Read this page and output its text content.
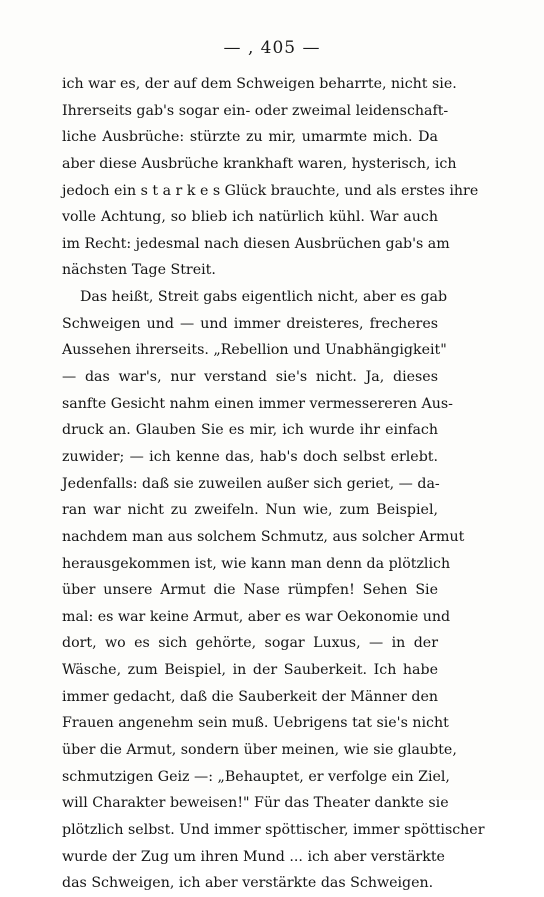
— ‚ 405 —
ich war es, der auf dem Schweigen beharrte, nicht sie.
Ihrerseits gab's sogar ein- oder zweimal leidenschaft-
liche Ausbrüche: stürzte zu mir, umarmte mich. Da
aber diese Ausbrüche krankhaft waren, hysterisch, ich
jedoch ein s t a r k e s Glück brauchte, und als erstes ihre
volle Achtung, so blieb ich natürlich kühl. War auch
im Recht: jedesmal nach diesen Ausbrüchen gab's am
nächsten Tage Streit.
Das heißt, Streit gabs eigentlich nicht, aber es gab
Schweigen und — und immer dreisteres, frecheres
Aussehen ihrerseits. „Rebellion und Unabhängigkeit"
— das war's, nur verstand sie's nicht. Ja, dieses
sanfte Gesicht nahm einen immer vermessereren Aus-
druck an. Glauben Sie es mir, ich wurde ihr einfach
zuwider; — ich kenne das, hab's doch selbst erlebt.
Jedenfalls: daß sie zuweilen außer sich geriet, — da-
ran war nicht zu zweifeln. Nun wie, zum Beispiel,
nachdem man aus solchem Schmutz, aus solcher Armut
herausgekommen ist, wie kann man denn da plötzlich
über unsere Armut die Nase rümpfen! Sehen Sie
mal: es war keine Armut, aber es war Oekonomie und
dort, wo es sich gehörte, sogar Luxus, — in der
Wäsche, zum Beispiel, in der Sauberkeit. Ich habe
immer gedacht, daß die Sauberkeit der Männer den
Frauen angenehm sein muß. Uebrigens tat sie's nicht
über die Armut, sondern über meinen, wie sie glaubte,
schmutzigen Geiz —: „Behauptet, er verfolge ein Ziel,
will Charakter beweisen!" Für das Theater dankte sie
plötzlich selbst. Und immer spöttischer, immer spöttischer
wurde der Zug um ihren Mund ... ich aber verstärkte
das Schweigen, ich aber verstärkte das Schweigen.
